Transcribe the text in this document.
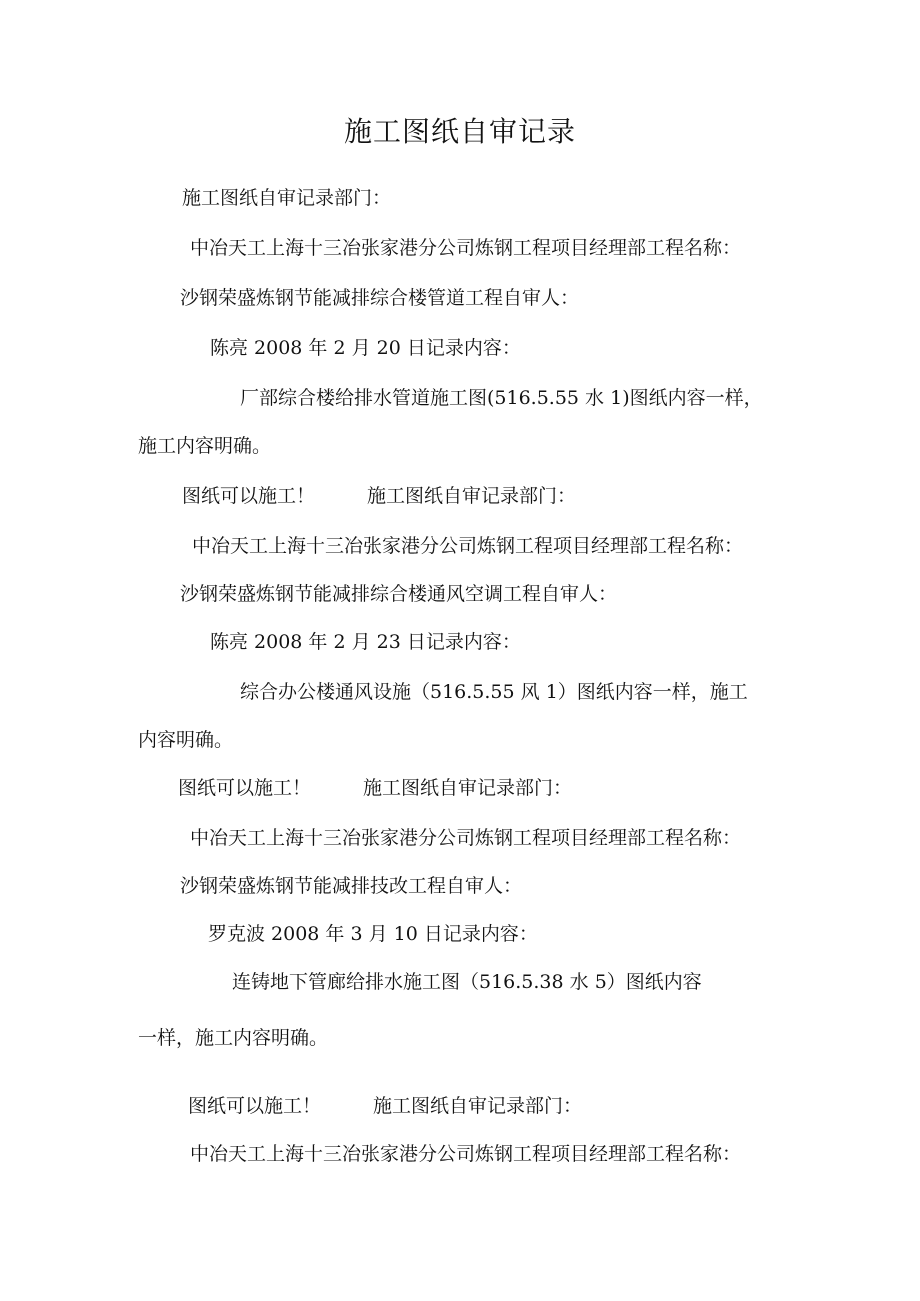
施工图纸自审记录
施工图纸自审记录部门：
中冶天工上海十三冶张家港分公司炼钢工程项目经理部工程名称：
沙钢荣盛炼钢节能减排综合楼管道工程自审人：
陈亮 2008 年 2 月 20 日记录内容：
厂部综合楼给排水管道施工图(516.5.55 水 1)图纸内容一样，
施工内容明确。
图纸可以施工！	施工图纸自审记录部门：
中冶天工上海十三冶张家港分公司炼钢工程项目经理部工程名称：
沙钢荣盛炼钢节能减排综合楼通风空调工程自审人：
陈亮 2008 年 2 月 23 日记录内容：
综合办公楼通风设施（516.5.55 风 1）图纸内容一样，施工
内容明确。
图纸可以施工！	施工图纸自审记录部门：
中冶天工上海十三冶张家港分公司炼钢工程项目经理部工程名称：
沙钢荣盛炼钢节能减排技改工程自审人：
罗克波 2008 年 3 月 10 日记录内容：
连铸地下管廊给排水施工图（516.5.38 水 5）图纸内容
一样，施工内容明确。
图纸可以施工！	施工图纸自审记录部门：
中冶天工上海十三冶张家港分公司炼钢工程项目经理部工程名称：
